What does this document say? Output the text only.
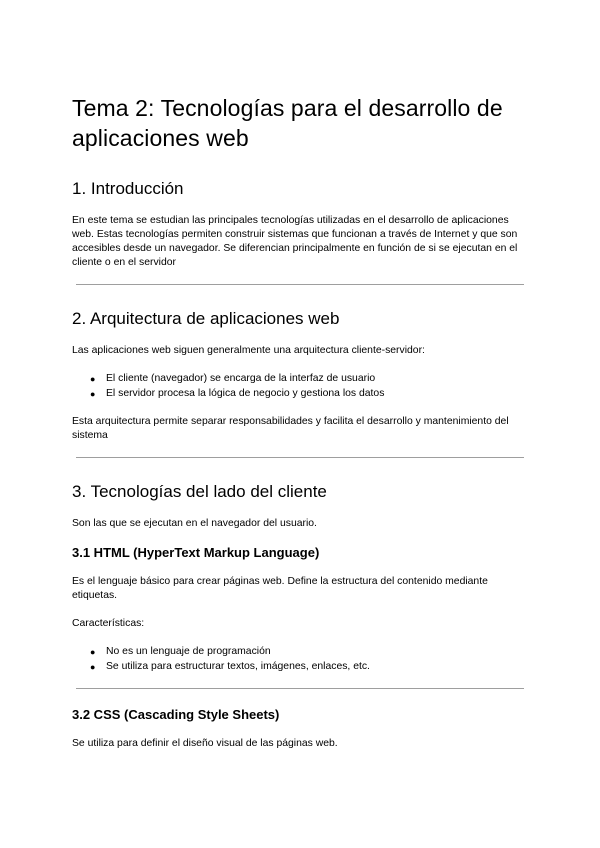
Tema 2: Tecnologías para el desarrollo de aplicaciones web
1. Introducción

En este tema se estudian las principales tecnologías utilizadas en el desarrollo de aplicaciones web. Estas tecnologías permiten construir sistemas que funcionan a través de Internet y que son accesibles desde un navegador. Se diferencian principalmente en función de si se ejecutan en el cliente o en el servidor

2. Arquitectura de aplicaciones web

Las aplicaciones web siguen generalmente una arquitectura cliente-servidor:

● El cliente (navegador) se encarga de la interfaz de usuario
● El servidor procesa la lógica de negocio y gestiona los datos

Esta arquitectura permite separar responsabilidades y facilita el desarrollo y mantenimiento del sistema

3. Tecnologías del lado del cliente

Son las que se ejecutan en el navegador del usuario.

3.1 HTML (HyperText Markup Language)

Es el lenguaje básico para crear páginas web. Define la estructura del contenido mediante etiquetas.

Características:

● No es un lenguaje de programación
● Se utiliza para estructurar textos, imágenes, enlaces, etc.
3.2 CSS (Cascading Style Sheets)

Se utiliza para definir el diseño visual de las páginas web.
